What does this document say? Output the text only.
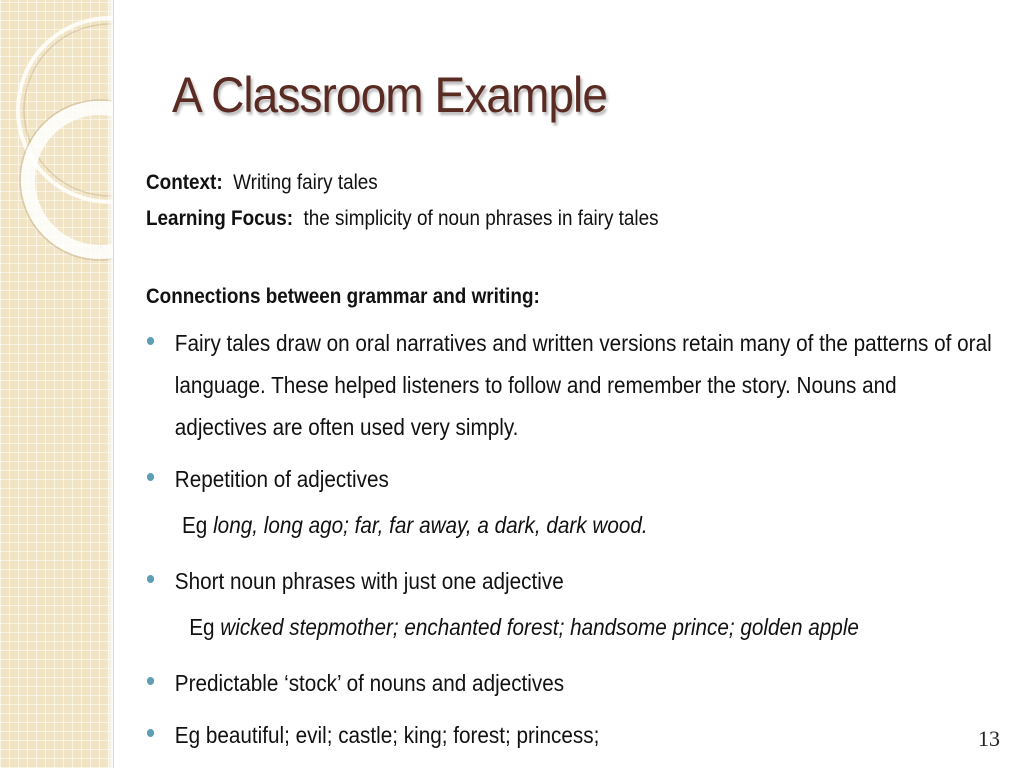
A Classroom Example
Context: Writing fairy tales
Learning Focus: the simplicity of noun phrases in fairy tales
Connections between grammar and writing:
Fairy tales draw on oral narratives and written versions retain many of the patterns of oral language. These helped listeners to follow and remember the story. Nouns and adjectives are often used very simply.
Repetition of adjectives
Eg long, long ago; far, far away, a dark, dark wood.
Short noun phrases with just one adjective
Eg wicked stepmother; enchanted forest; handsome prince; golden apple
Predictable ‘stock’ of nouns and adjectives
Eg beautiful; evil; castle; king; forest; princess;	13
